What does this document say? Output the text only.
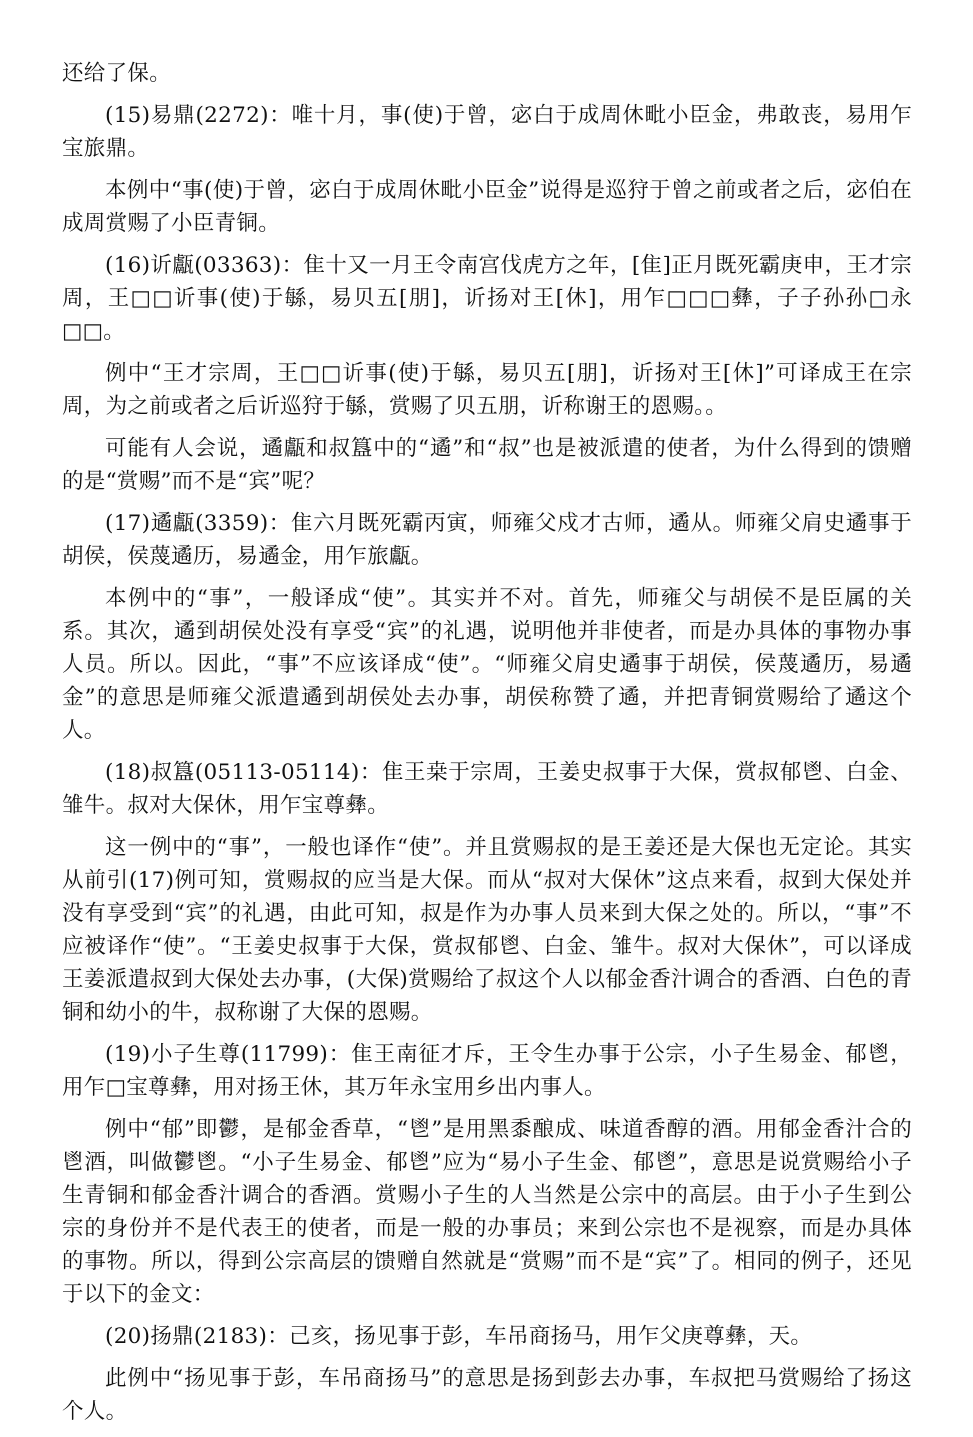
还给了保。

(15)易鼎(2272)：唯十月，事(使)于曾，宓白于成周休毗小臣金，弗敢丧，易用乍宝旅鼎。

本例中“事(使)于曾，宓白于成周休毗小臣金”说得是巡狩于曾之前或者之后，宓伯在成周赏赐了小臣青铜。

(16)䜣甗(03363)：隹十又一月王令南宫伐虎方之年，[隹]正月既死霸庚申，王才宗周，王□□䜣事(使)于緐，易贝五[朋]，䜣扬对王[休]，用乍□□□彝，子子孙孙□永□□。

例中“王才宗周，王□□䜣事(使)于緐，易贝五[朋]，䜣扬对王[休]”可译成王在宗周，为之前或者之后䜣巡狩于緐，赏赐了贝五朋，䜣称谢王的恩赐。。

可能有人会说，遹甗和叔簋中的“遹”和“叔”也是被派遣的使者，为什么得到的馈赠的是“赏赐”而不是“宾”呢？

(17)遹甗(3359)：隹六月既死霸丙寅，师雍父戍才古师，遹从。师雍父肩史遹事于胡侯，侯蔑遹历，易遹金，用乍旅甗。

本例中的“事”，一般译成“使”。其实并不对。首先，师雍父与胡侯不是臣属的关系。其次，遹到胡侯处没有享受“宾”的礼遇，说明他并非使者，而是办具体的事物办事人员。所以。因此，“事”不应该译成“使”。“师雍父肩史遹事于胡侯，侯蔑遹历，易遹金”的意思是师雍父派遣遹到胡侯处去办事，胡侯称赞了遹，并把青铜赏赐给了遹这个人。

(18)叔簋(05113-05114)：隹王桒于宗周，王姜史叔事于大保，赏叔郁鬯、白金、雏牛。叔对大保休，用乍宝尊彝。

这一例中的“事”，一般也译作“使”。并且赏赐叔的是王姜还是大保也无定论。其实从前引(17)例可知，赏赐叔的应当是大保。而从“叔对大保休”这点来看，叔到大保处并没有享受到“宾”的礼遇，由此可知，叔是作为办事人员来到大保之处的。所以，“事”不应被译作“使”。“王姜史叔事于大保，赏叔郁鬯、白金、雏牛。叔对大保休”，可以译成王姜派遣叔到大保处去办事，(大保)赏赐给了叔这个人以郁金香汁调合的香酒、白色的青铜和幼小的牛，叔称谢了大保的恩赐。

(19)小子生尊(11799)：隹王南征才斥，王令生办事于公宗，小子生易金、郁鬯，用乍□宝尊彝，用对扬王休，其万年永宝用乡出内事人。

例中“郁”即鬱，是郁金香草，“鬯”是用黑黍酿成、味道香醇的酒。用郁金香汁合的鬯酒，叫做鬱鬯。“小子生易金、郁鬯”应为“易小子生金、郁鬯”，意思是说赏赐给小子生青铜和郁金香汁调合的香酒。赏赐小子生的人当然是公宗中的高层。由于小子生到公宗的身份并不是代表王的使者，而是一般的办事员；来到公宗也不是视察，而是办具体的事物。所以，得到公宗高层的馈赠自然就是“赏赐”而不是“宾”了。相同的例子，还见于以下的金文：

(20)扬鼎(2183)：己亥，扬见事于彭，车吊商扬马，用乍父庚尊彝，天。

此例中“扬见事于彭，车吊商扬马”的意思是扬到彭去办事，车叔把马赏赐给了扬这个人。
